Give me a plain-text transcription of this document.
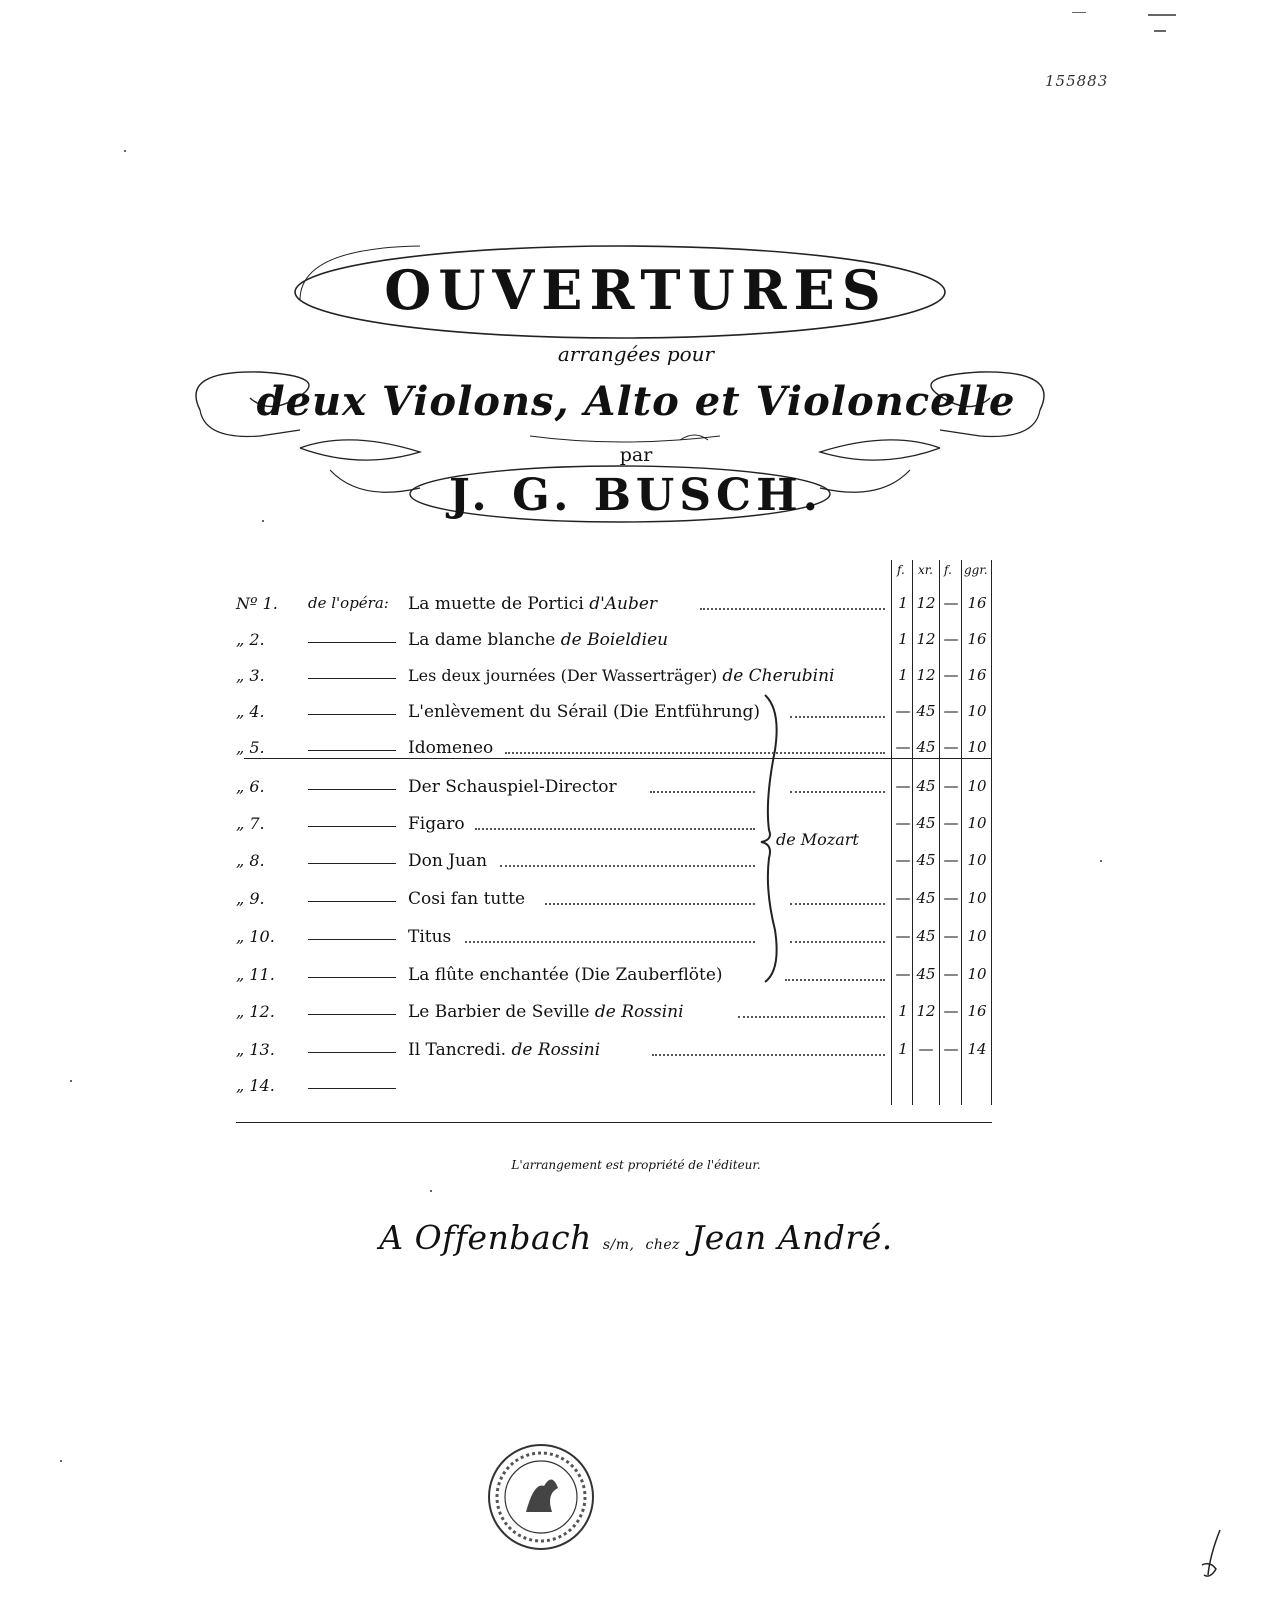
155883
OUVERTURES
arrangées pour
deux Violons, Alto et Violoncelle
par
J. G. BUSCH.
f. xr. f. ggr.
de Mozart
Nº 1.	de l'opéra:	La muette de Portici d'Auber	1 12 — 16
„ 2.	La dame blanche de Boieldieu	1 12 — 16
„ 3.	Les deux journées (Der Wasserträger) de Cherubini	1 12 — 16
„ 4.	L'enlèvement du Sérail (Die Entführung)	— 45 — 10
„ 5.	Idomeneo	— 45 — 10
„ 6.	Der Schauspiel-Director	— 45 — 10
„ 7.	Figaro	— 45 — 10
„ 8.	Don Juan	— 45 — 10
„ 9.	Cosi fan tutte	— 45 — 10
„ 10.	Titus	— 45 — 10
„ 11.	La flûte enchantée (Die Zauberflöte)	— 45 — 10
„ 12.	Le Barbier de Seville de Rossini	1 12 — 16
„ 13.	Il Tancredi. de Rossini	1 — — 14
„ 14.
L'arrangement est propriété de l'éditeur.
A Offenbach s/m, chez Jean André.
